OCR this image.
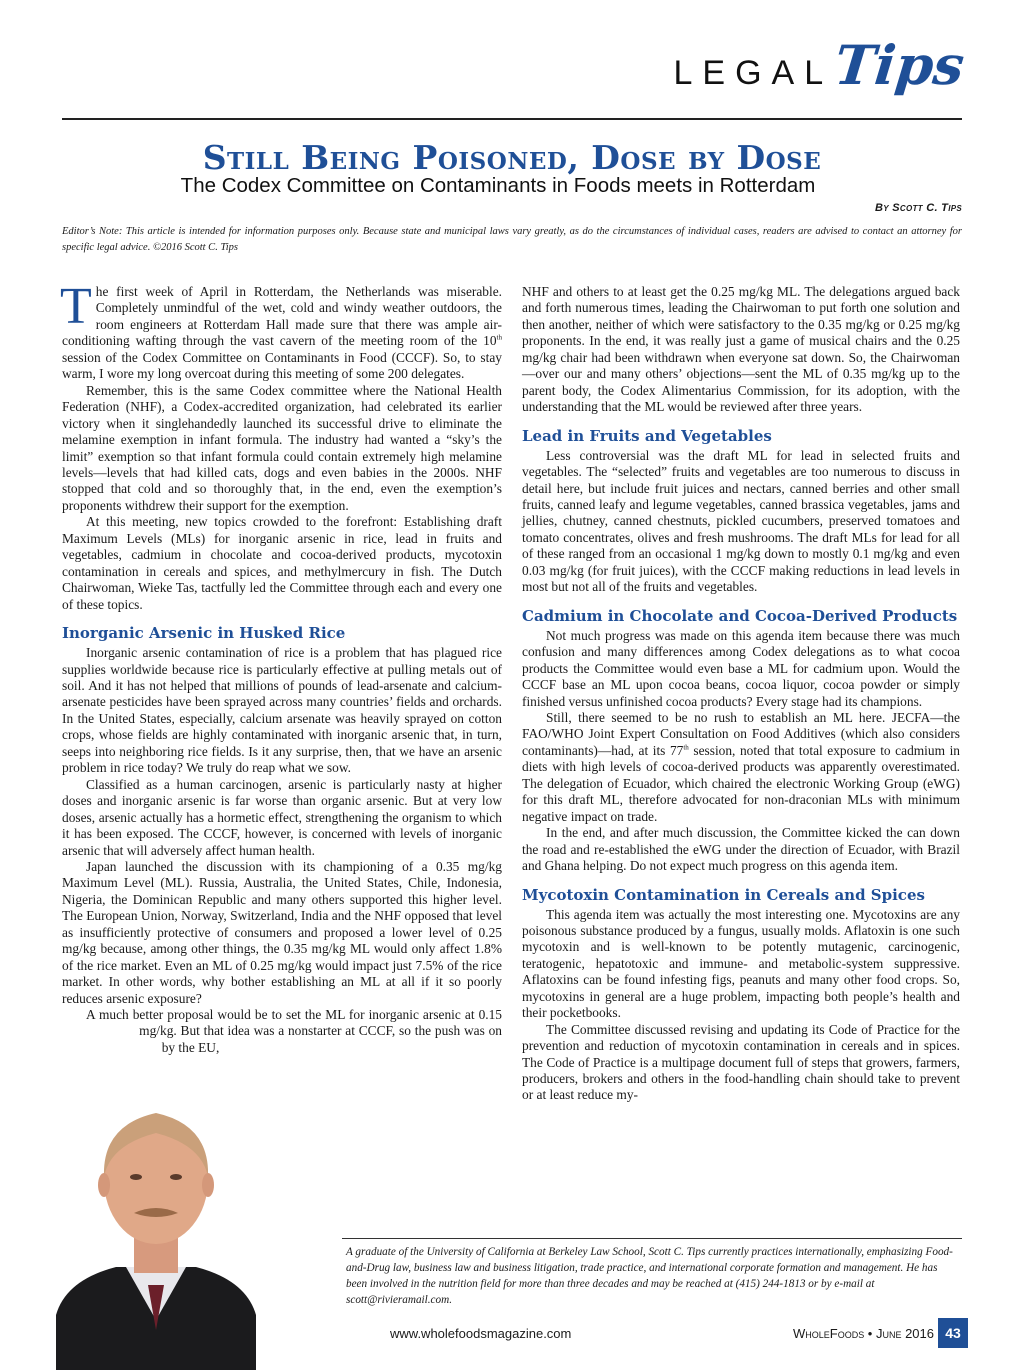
LEGAL
Tips
Still Being Poisoned, Dose by Dose
The Codex Committee on Contaminants in Foods meets in Rotterdam
By Scott C. Tips
Editor’s Note: This article is intended for information purposes only. Because state and municipal laws vary greatly, as do the circumstances of individual cases, readers are advised to contact an attorney for specific legal advice. ©2016 Scott C. Tips

The first week of April in Rotterdam, the Netherlands was miserable. Completely unmindful of the wet, cold and windy weather outdoors, the room engineers at Rotterdam Hall made sure that there was ample air-conditioning wafting through the vast cavern of the meeting room of the 10th session of the Codex Committee on Contaminants in Food (CCCF). So, to stay warm, I wore my long overcoat during this meeting of some 200 delegates.

Remember, this is the same Codex committee where the National Health Federation (NHF), a Codex-accredited organization, had celebrated its earlier victory when it singlehandedly launched its successful drive to eliminate the melamine exemption in infant formula. The industry had wanted a “sky’s the limit” exemption so that infant formula could contain extremely high melamine levels—levels that had killed cats, dogs and even babies in the 2000s. NHF stopped that cold and so thoroughly that, in the end, even the exemption’s proponents withdrew their support for the exemption.

At this meeting, new topics crowded to the forefront: Establishing draft Maximum Levels (MLs) for inorganic arsenic in rice, lead in fruits and vegetables, cadmium in chocolate and cocoa-derived products, mycotoxin contamination in cereals and spices, and methylmercury in fish. The Dutch Chairwoman, Wieke Tas, tactfully led the Committee through each and every one of these topics.

Inorganic Arsenic in Husked Rice

Inorganic arsenic contamination of rice is a problem that has plagued rice supplies worldwide because rice is particularly effective at pulling metals out of soil. And it has not helped that millions of pounds of lead-arsenate and calcium-arsenate pesticides have been sprayed across many countries’ fields and orchards. In the United States, especially, calcium arsenate was heavily sprayed on cotton crops, whose fields are highly contaminated with inorganic arsenic that, in turn, seeps into neighboring rice fields. Is it any surprise, then, that we have an arsenic problem in rice today? We truly do reap what we sow.

Classified as a human carcinogen, arsenic is particularly nasty at higher doses and inorganic arsenic is far worse than organic arsenic. But at very low doses, arsenic actually has a hormetic effect, strengthening the organism to which it has been exposed. The CCCF, however, is concerned with levels of inorganic arsenic that will adversely affect human health.

Japan launched the discussion with its championing of a 0.35 mg/kg Maximum Level (ML). Russia, Australia, the United States, Chile, Indonesia, Nigeria, the Dominican Republic and many others supported this higher level. The European Union, Norway, Switzerland, India and the NHF opposed that level as insufficiently protective of consumers and proposed a lower level of 0.25 mg/kg because, among other things, the 0.35 mg/kg ML would only affect 1.8% of the rice market. Even an ML of 0.25 mg/kg would impact just 7.5% of the rice market. In other words, why bother establishing an ML at all if it so poorly reduces arsenic exposure?

A much better proposal would be to set the ML for inorganic arsenic at 0.15 mg/kg. But that idea was a nonstarter at CCCF, so the push was on by the EU,

NHF and others to at least get the 0.25 mg/kg ML. The delegations argued back and forth numerous times, leading the Chairwoman to put forth one solution and then another, neither of which were satisfactory to the 0.35 mg/kg or 0.25 mg/kg proponents. In the end, it was really just a game of musical chairs and the 0.25 mg/kg chair had been withdrawn when everyone sat down. So, the Chairwoman—over our and many others’ objections—sent the ML of 0.35 mg/kg up to the parent body, the Codex Alimentarius Commission, for its adoption, with the understanding that the ML would be reviewed after three years.

Lead in Fruits and Vegetables

Less controversial was the draft ML for lead in selected fruits and vegetables. The “selected” fruits and vegetables are too numerous to discuss in detail here, but include fruit juices and nectars, canned berries and other small fruits, canned leafy and legume vegetables, canned brassica vegetables, jams and jellies, chutney, canned chestnuts, pickled cucumbers, preserved tomatoes and tomato concentrates, olives and fresh mushrooms. The draft MLs for lead for all of these ranged from an occasional 1 mg/kg down to mostly 0.1 mg/kg and even 0.03 mg/kg (for fruit juices), with the CCCF making reductions in lead levels in most but not all of the fruits and vegetables.

Cadmium in Chocolate and Cocoa-Derived Products

Not much progress was made on this agenda item because there was much confusion and many differences among Codex delegations as to what cocoa products the Committee would even base a ML for cadmium upon. Would the CCCF base an ML upon cocoa beans, cocoa liquor, cocoa powder or simply finished versus unfinished cocoa products? Every stage had its champions.

Still, there seemed to be no rush to establish an ML here. JECFA—the FAO/WHO Joint Expert Consultation on Food Additives (which also considers contaminants)—had, at its 77th session, noted that total exposure to cadmium in diets with high levels of cocoa-derived products was apparently overestimated. The delegation of Ecuador, which chaired the electronic Working Group (eWG) for this draft ML, therefore advocated for non-draconian MLs with minimum negative impact on trade.

In the end, and after much discussion, the Committee kicked the can down the road and re-established the eWG under the direction of Ecuador, with Brazil and Ghana helping. Do not expect much progress on this agenda item.

Mycotoxin Contamination in Cereals and Spices

This agenda item was actually the most interesting one. Mycotoxins are any poisonous substance produced by a fungus, usually molds. Aflatoxin is one such mycotoxin and is well-known to be potently mutagenic, carcinogenic, teratogenic, hepatotoxic and immune- and metabolic-system suppressive. Aflatoxins can be found infesting figs, peanuts and many other food crops. So, mycotoxins in general are a huge problem, impacting both people’s health and their pocketbooks.

The Committee discussed revising and updating its Code of Practice for the prevention and reduction of mycotoxin contamination in cereals and in spices. The Code of Practice is a multipage document full of steps that growers, farmers, producers, brokers and others in the food-handling chain should take to prevent or at least reduce my-

A graduate of the University of California at Berkeley Law School, Scott C. Tips currently practices internationally, emphasizing Food-and-Drug law, business law and business litigation, trade practice, and international corporate formation and management. He has been involved in the nutrition field for more than three decades and may be reached at (415) 244-1813 or by e-mail at scott@rivieramail.com.
www.wholefoodsmagazine.com	WholeFoods • June 2016 43
